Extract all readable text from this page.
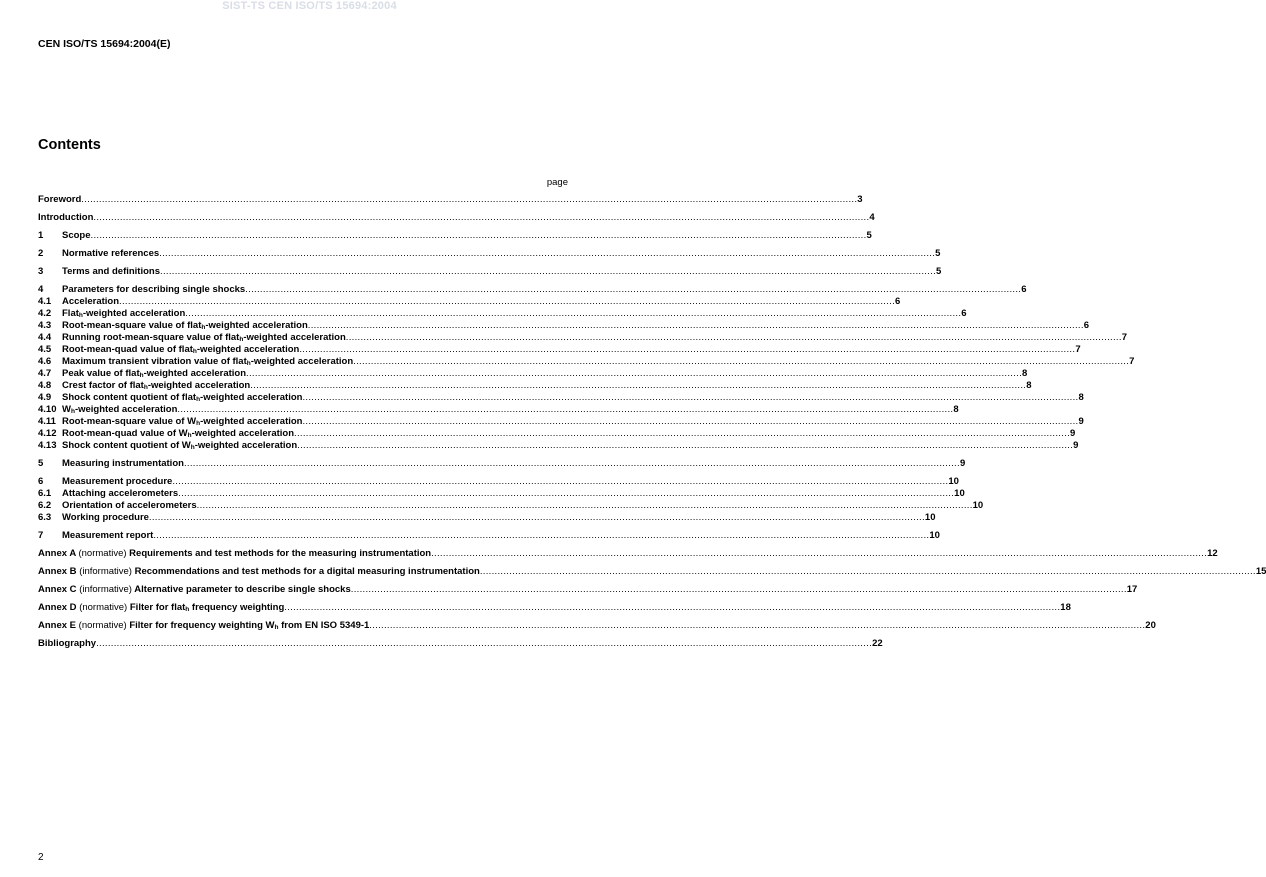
SIST-TS CEN ISO/TS 15694:2004
CEN ISO/TS 15694:2004(E)
Contents
page
Foreword .....	3
Introduction .....	4
1	Scope .....	5
2	Normative references .....	5
3	Terms and definitions .....	5
4	Parameters for describing single shocks .....	6
4.1	Acceleration .....	6
4.2	Flat$_h$-weighted acceleration .....	6
4.3	Root-mean-square value of flat$_h$-weighted acceleration .....	6
4.4	Running root-mean-square value of flat$_h$-weighted acceleration .....	7
4.5	Root-mean-quad value of flat$_h$-weighted acceleration .....	7
4.6	Maximum transient vibration value of flat$_h$-weighted acceleration .....	7
4.7	Peak value of flat$_h$-weighted acceleration .....	8
4.8	Crest factor of flat$_h$-weighted acceleration .....	8
4.9	Shock content quotient of flat$_h$-weighted acceleration .....	8
4.10 $W_h$-weighted acceleration .....	8
4.11 Root-mean-square value of $W_h$-weighted acceleration .....	9
4.12 Root-mean-quad value of $W_h$-weighted acceleration .....	9
4.13 Shock content quotient of $W_h$-weighted acceleration .....	9
5	Measuring instrumentation .....	9
6	Measurement procedure .....	10
6.1	Attaching accelerometers .....	10
6.2	Orientation of accelerometers .....	10
6.3	Working procedure .....	10
7	Measurement report .....	10
Annex A (normative) Requirements and test methods for the measuring instrumentation .....	12
Annex B (informative) Recommendations and test methods for a digital measuring instrumentation .....	15
Annex C (informative) Alternative parameter to describe single shocks .....	17
Annex D (normative) Filter for flat$_h$ frequency weighting .....	18
Annex E (normative) Filter for frequency weighting $W_h$ from EN ISO 5349-1 .....	20
Bibliography .....	22
2
